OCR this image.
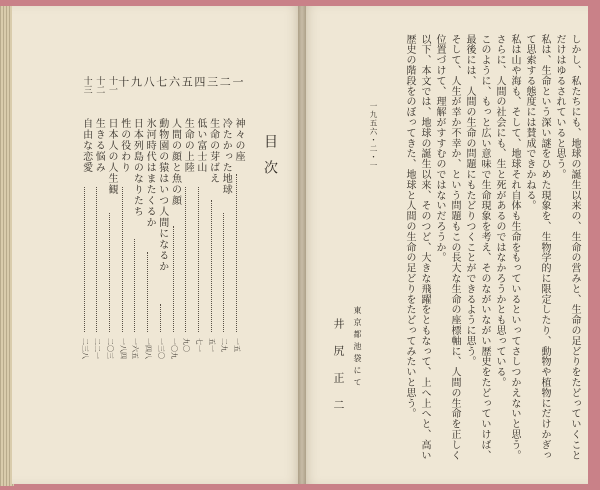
目次
一
神々の座
一五
二
冷たかった地球
二九
三
生命の芽ばえ
五一
四
低い富士山
七一
五
生命の上陸
九〇
六
人間の顔と魚の顔
一〇九
七
動物園の猿はいつ人間になるか
一三〇
八
氷河時代はまたくるか
一四八
九
日本列島のなりたち
一六五
十
性の役わり
一八四
十一
日本人の人生観
二〇三
十二
生きる悩み
二二一
十三
自由な恋愛
二三八	しかし、私たちにも、地球の誕生以来の、生命の営みと、生命の足どりをたどっていくこと
だけはゆるされていると思う。
私は、生命という深い謎をひめた現象を、生物学的に限定したり、動物や植物にだけかぎっ
て思索する態度には賛成できかねる。
私は山や海も、そして、地球それ自体も生命をもっているといってさしつかえないと思う。
さらに、人間の社会にも、生と死があるのではなかろうかとも思っている。
このように、もっと広い意味で生命現象を考え、そのながいながい歴史をたどっていけば、
最後には、人間の生命の問題にもたどりつくことができるように思う。
そして、人生が幸か不幸か、という問題もこの長大な生命の座標軸に、人間の生命を正しく
位置づけて、理解がすすむのではないだろうか。
以下、本文では、地球の誕生以来、そのつど、大きな飛躍をともなって、上へ上へと、高い
歴史の階段をのぼってきた、地球と人間の生命の足どりをたどってみたいと思う。
一九五六・二・一
東京都池袋にて
井尻正二
